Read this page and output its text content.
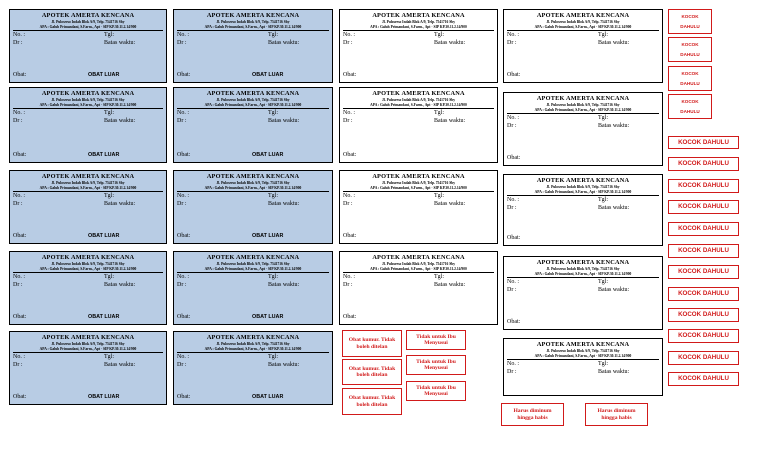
APOTEK AMERTA KENCANA
Jl. Pulosreso Indah Blok A/9, Telp. 7541716 Sby
APA : Galuh Primandani, S.Farm., Apt - SIP KP.30.11.2.14/900
No. :	Tgl:
Dr :	Batas waktu:
Obat:	OBAT LUAR
APOTEK AMERTA KENCANA
Jl. Pulosreso Indah Blok A/9, Telp. 7541716 Sby
APA : Galuh Primandani, S.Farm., Apt - SIP KP.30.11.2.14/900
No. :	Tgl:
Dr :	Batas waktu:
Obat:	OBAT LUAR
APOTEK AMERTA KENCANA
Jl. Pulosreso Indah Blok A/9, Telp. 7541716 Sby
APA : Galuh Primandani, S.Farm., Apt - SIP KP.30.11.2.14/900
No. :	Tgl:
Dr :	Batas waktu:
Obat:	OBAT LUAR
APOTEK AMERTA KENCANA
Jl. Pulosreso Indah Blok A/9, Telp. 7541716 Sby
APA : Galuh Primandani, S.Farm., Apt - SIP KP.30.11.2.14/900
No. :	Tgl:
Dr :	Batas waktu:
Obat:	OBAT LUAR
APOTEK AMERTA KENCANA
Jl. Pulosreso Indah Blok A/9, Telp. 7541716 Sby
APA : Galuh Primandani, S.Farm., Apt - SIP KP.30.11.2.14/900
No. :	Tgl:
Dr :	Batas waktu:
Obat:	OBAT LUAR
APOTEK AMERTA KENCANA
Jl. Pulosreso Indah Blok A/9, Telp. 7541716 Sby
APA : Galuh Primandani, S.Farm., Apt - SIP KP.30.11.2.14/900
No. :	Tgl:
Dr :	Batas waktu:
Obat:	OBAT LUAR
APOTEK AMERTA KENCANA
Jl. Pulosreso Indah Blok A/9, Telp. 7541716 Sby
APA : Galuh Primandani, S.Farm., Apt - SIP KP.30.11.2.14/900
No. :	Tgl:
Dr :	Batas waktu:
Obat:	OBAT LUAR
APOTEK AMERTA KENCANA
Jl. Pulosreso Indah Blok A/9, Telp. 7541716 Sby
APA : Galuh Primandani, S.Farm., Apt - SIP KP.30.11.2.14/900
No. :	Tgl:
Dr :	Batas waktu:
Obat:	OBAT LUAR
APOTEK AMERTA KENCANA
Jl. Pulosreso Indah Blok A/9, Telp. 7541716 Sby
APA : Galuh Primandani, S.Farm., Apt - SIP KP.30.11.2.14/900
No. :	Tgl:
Dr :	Batas waktu:
Obat:	OBAT LUAR
APOTEK AMERTA KENCANA
Jl. Pulosreso Indah Blok A/9, Telp. 7541716 Sby
APA : Galuh Primandani, S.Farm., Apt - SIP KP.30.11.2.14/900
No. :	Tgl:
Dr :	Batas waktu:
Obat:	OBAT LUAR
APOTEK AMERTA KENCANA
Jl. Pulosreso Indah Blok A/9, Telp. 7541716 Sby
APA : Galuh Primandani, S.Farm., Apt - SIP KP.30.11.2.14/900
No. :	Tgl:
Dr :	Batas waktu:
Obat:
APOTEK AMERTA KENCANA
Jl. Pulosreso Indah Blok A/9, Telp. 7541716 Sby
APA : Galuh Primandani, S.Farm., Apt - SIP KP.30.11.2.14/900
No. :	Tgl:
Dr :	Batas waktu:
Obat:
APOTEK AMERTA KENCANA
Jl. Pulosreso Indah Blok A/9, Telp. 7541716 Sby
APA : Galuh Primandani, S.Farm., Apt - SIP KP.30.11.2.14/900
No. :	Tgl:
Dr :	Batas waktu:
Obat:
APOTEK AMERTA KENCANA
Jl. Pulosreso Indah Blok A/9, Telp. 7541716 Sby
APA : Galuh Primandani, S.Farm., Apt - SIP KP.30.11.2.14/900
No. :	Tgl:
Dr :	Batas waktu:
Obat:
APOTEK AMERTA KENCANA
Jl. Pulosreso Indah Blok A/9, Telp. 7541716 Sby
APA : Galuh Primandani, S.Farm., Apt - SIP KP.30.11.2.14/900
No. :	Tgl:
Dr :	Batas waktu:
Obat:
APOTEK AMERTA KENCANA
Jl. Pulosreso Indah Blok A/9, Telp. 7541716 Sby
APA : Galuh Primandani, S.Farm., Apt - SIP KP.30.11.2.14/900
No. :	Tgl:
Dr :	Batas waktu:
Obat:
APOTEK AMERTA KENCANA
Jl. Pulosreso Indah Blok A/9, Telp. 7541716 Sby
APA : Galuh Primandani, S.Farm., Apt - SIP KP.30.11.2.14/900
No. :	Tgl:
Dr :	Batas waktu:
Obat:
APOTEK AMERTA KENCANA
Jl. Pulosreso Indah Blok A/9, Telp. 7541716 Sby
APA : Galuh Primandani, S.Farm., Apt - SIP KP.30.11.2.14/900
No. :	Tgl:
Dr :	Batas waktu:
Obat:
APOTEK AMERTA KENCANA
Jl. Pulosreso Indah Blok A/9, Telp. 7541716 Sby
APA : Galuh Primandani, S.Farm., Apt - SIP KP.30.11.2.14/900
No. :	Tgl:
Dr :	Batas waktu:
Obat kumur. Tidak boleh ditelan
Obat kumur. Tidak boleh ditelan
Obat kumur. Tidak boleh ditelan
Tidak untuk Ibu Menyusui
Tidak untuk Ibu Menyusui
Tidak untuk Ibu Menyusui
Harus diminum hingga habis
Harus diminum hingga habis
KOCOK
DAHULU
KOCOK
DAHULU
KOCOK
DAHULU
KOCOK
DAHULU
KOCOK DAHULU
KOCOK DAHULU
KOCOK DAHULU
KOCOK DAHULU
KOCOK DAHULU
KOCOK DAHULU
KOCOK DAHULU
KOCOK DAHULU
KOCOK DAHULU
KOCOK DAHULU
KOCOK DAHULU
KOCOK DAHULU
